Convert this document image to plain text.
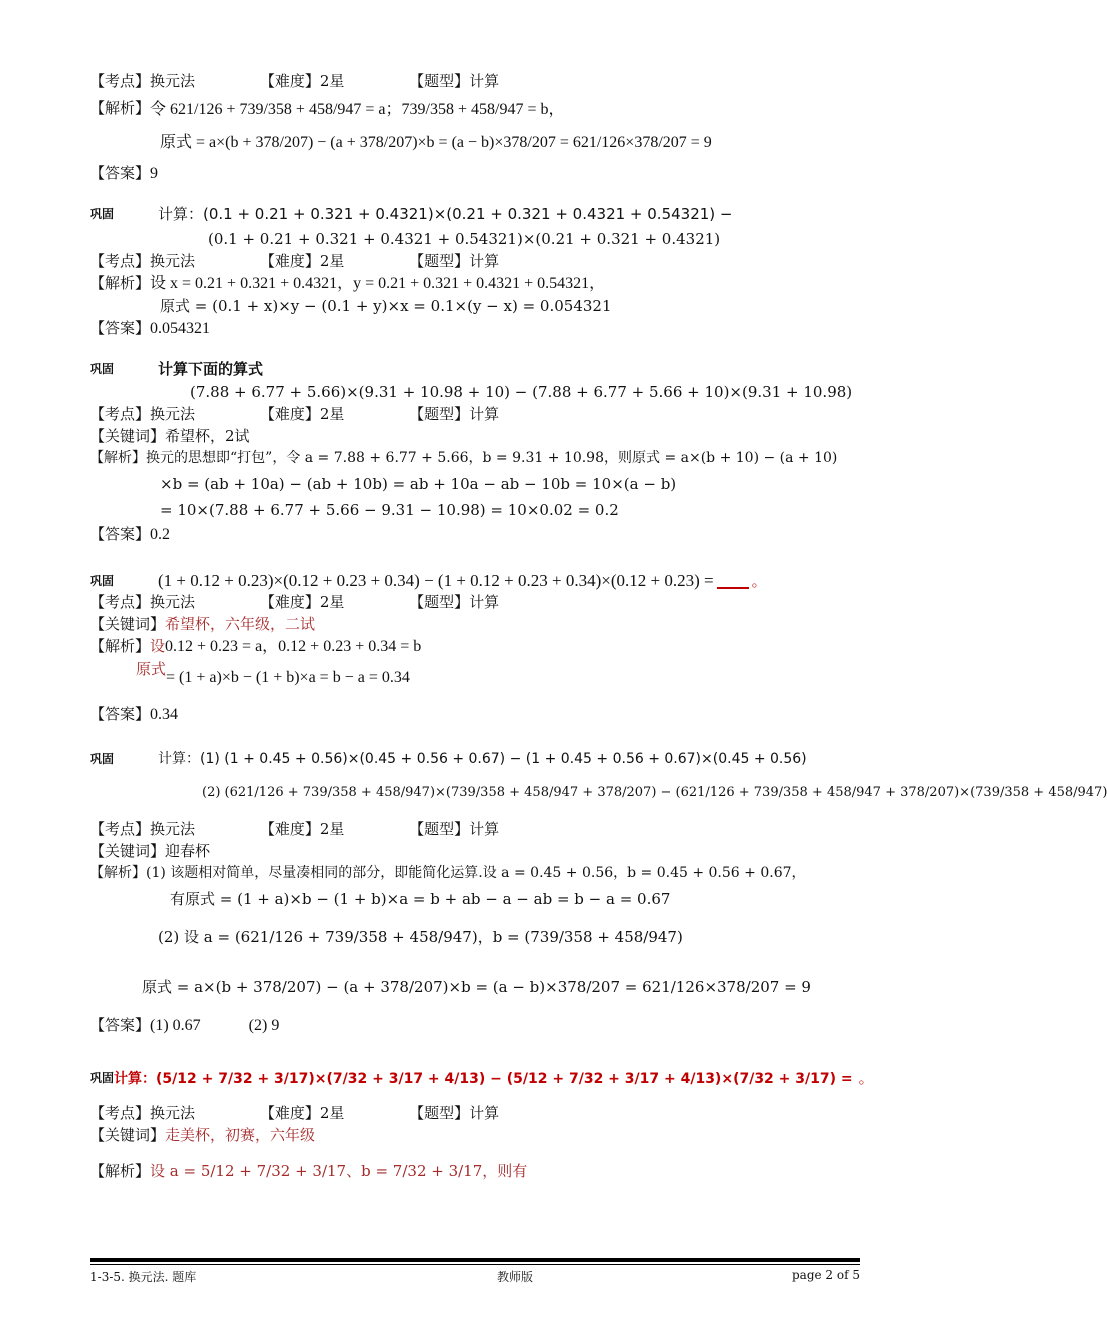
【考点】换元法	【难度】2星	【题型】计算
【解析】 令 621/126 + 739/358 + 458/947 = a；739/358 + 458/947 = b，
原式 = a×(b + 378/207) − (a + 378/207)×b = (a − b)×378/207 = 621/126×378/207 = 9
【答案】9
巩固	计算：(0.1 + 0.21 + 0.321 + 0.4321)×(0.21 + 0.321 + 0.4321 + 0.54321) −
(0.1 + 0.21 + 0.321 + 0.4321 + 0.54321)×(0.21 + 0.321 + 0.4321)
【考点】换元法	【难度】2星	【题型】计算
【解析】设 x = 0.21 + 0.321 + 0.4321，y = 0.21 + 0.321 + 0.4321 + 0.54321，
原式 = (0.1 + x)×y − (0.1 + y)×x = 0.1×(y − x) = 0.054321
【答案】0.054321
巩固	计算下面的算式
(7.88 + 6.77 + 5.66)×(9.31 + 10.98 + 10) − (7.88 + 6.77 + 5.66 + 10)×(9.31 + 10.98)
【考点】换元法	【难度】2星	【题型】计算
【关键词】希望杯，2试
【解析】换元的思想即“打包”，令 a = 7.88 + 6.77 + 5.66，b = 9.31 + 10.98，则原式 = a×(b + 10) − (a + 10)
×b = (ab + 10a) − (ab + 10b) = ab + 10a − ab − 10b = 10×(a − b)
= 10×(7.88 + 6.77 + 5.66 − 9.31 − 10.98) = 10×0.02 = 0.2
【答案】0.2
巩固	(1 + 0.12 + 0.23)×(0.12 + 0.23 + 0.34) − (1 + 0.12 + 0.23 + 0.34)×(0.12 + 0.23) =	。
【考点】换元法	【难度】2星	【题型】计算
【关键词】希望杯，六年级，二试
【解析】设0.12 + 0.23 = a，0.12 + 0.23 + 0.34 = b
原式= (1 + a)×b − (1 + b)×a = b − a = 0.34
【答案】0.34
巩固	计算：(1) (1 + 0.45 + 0.56)×(0.45 + 0.56 + 0.67) − (1 + 0.45 + 0.56 + 0.67)×(0.45 + 0.56)
(2) (621/126 + 739/358 + 458/947)×(739/358 + 458/947 + 378/207) − (621/126 + 739/358 + 458/947 + 378/207)×(739/358 + 458/947)
【考点】换元法	【难度】2星	【题型】计算
【关键词】迎春杯
【解析】(1) 该题相对简单，尽量凑相同的部分，即能简化运算.设 a = 0.45 + 0.56，b = 0.45 + 0.56 + 0.67，
有原式 = (1 + a)×b − (1 + b)×a = b + ab − a − ab = b − a = 0.67
(2) 设 a = (621/126 + 739/358 + 458/947)，b = (739/358 + 458/947)
原式 = a×(b + 378/207) − (a + 378/207)×b = (a − b)×378/207 = 621/126×378/207 = 9
【答案】(1) 0.67　　　(2) 9
巩固 计算：(5/12 + 7/32 + 3/17)×(7/32 + 3/17 + 4/13) − (5/12 + 7/32 + 3/17 + 4/13)×(7/32 + 3/17) = 。
【考点】换元法	【难度】2星	【题型】计算
【关键词】走美杯，初赛，六年级
【解析】设 a = 5/12 + 7/32 + 3/17、b = 7/32 + 3/17，则有
1-3-5. 换元法. 题库	教师版	page 2 of 5
